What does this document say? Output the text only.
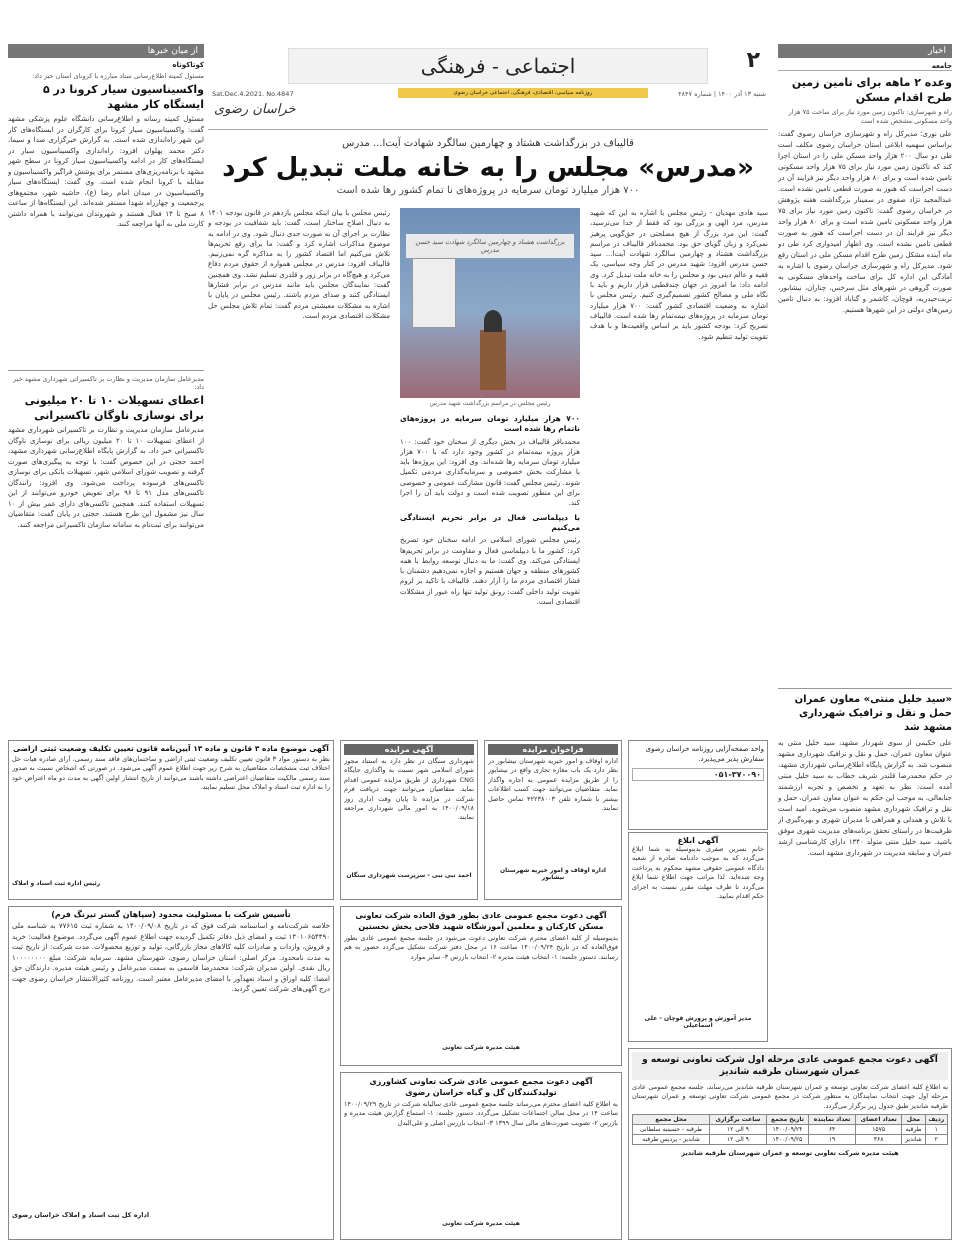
اخبار
جامعه
وعده ۲ ماهه برای تامین زمین طرح اقدام مسکن
راه و شهرسازی: تاکنون زمین مورد نیاز برای ساخت ۷۵ هزار واحد مسکونی مشخص شده است
علی نوری؛ مدیرکل راه و شهرسازی خراسان رضوی گفت: براساس سهمیه ابلاغی استان خراسان رضوی مکلف است طی دو سال ۲۰۰ هزار واحد مسکن ملی را در استان اجرا کند که تاکنون زمین مورد نیاز برای ۷۵ هزار واحد مسکونی تامین شده است و برای ۸۰ هزار واحد دیگر نیز فرایند آن در دست اجراست که هنوز به صورت قطعی تامین نشده است. عبدالمجید نژاد صفوی در سمینار بزرگداشت هفته پژوهش در خراسان رضوی گفت: تاکنون زمین مورد نیاز برای ۷۵ هزار واحد مسکونی تامین شده است و برای ۸۰ هزار واحد دیگر نیز فرایند آن در دست اجراست که هنوز به صورت قطعی تامین نشده است. وی اظهار امیدواری کرد طی دو ماه آینده مشکل زمین طرح اقدام مسکن ملی در استان رفع شود. مدیرکل راه و شهرسازی خراسان رضوی با اشاره به آمادگی این اداره کل برای ساخت واحدهای مسکونی به صورت گروهی در شهرهای مثل سرخس، چناران، نیشابور، تربت‌حیدریه، قوچان، کاشمر و گناباد افزود: به دنبال تامین زمین‌های دولتی در این شهرها هستیم.
«سید خلیل منتی» معاون عمران حمل و نقل و ترافیک شهرداری مشهد شد
علی حکیمی از سوی شهردار مشهد، سید خلیل منتی به عنوان معاون عمران، حمل و نقل و ترافیک شهرداری مشهد منصوب شد. به گزارش پایگاه اطلاع‌رسانی شهرداری مشهد، در حکم محمدرضا قلندر شریف خطاب به سید خلیل منتی آمده است: نظر به تعهد و تخصص و تجربه ارزشمند جنابعالی، به موجب این حکم به عنوان معاون عمران، حمل و نقل و ترافیک شهرداری مشهد منصوب می‌شوید. امید است با تلاش و همدلی و همراهی با مدیران شهری و بهره‌گیری از ظرفیت‌ها در راستای تحقق برنامه‌های مدیریت شهری موفق باشید. سید خلیل منتی متولد ۱۳۴۰ دارای کارشناسی ارشد عمران و سابقه مدیریت در شهرداری مشهد است.
۲
اجتماعی - فرهنگی
شنبه ۱۳ آذر ۱۴۰۰ | شماره ۴۸۴۷
روزنامه سیاسی، اقتصادی، فرهنگی، اجتماعی خراسان رضوی
Sat.Dec.4.2021. No.4847
خراسان رضوی
قالیباف در بزرگداشت هشتاد و چهارمین سالگرد شهادت آیت‌ا... مدرس
«مدرس» مجلس را به خانه ملت تبدیل کرد
۷۰۰ هزار میلیارد تومان سرمایه در پروژه‌های نا تمام کشور رها شده است
سید هادی مهدیان - رئیس مجلس با اشاره به این که شهید مدرس، مرد الهی و بزرگی بود که فقط از خدا می‌ترسید، گفت: این مرد بزرگ از هیچ مصلحتی در حق‌گویی پرهیز نمی‌کرد و زبان گویای حق بود. محمدباقر قالیباف در مراسم بزرگداشت هشتاد و چهارمین سالگرد شهادت آیت‌ا... سید حسن مدرس افزود: شهید مدرس در کنار وجه سیاسی، یک فقیه و عالم دینی بود و مجلس را به خانه ملت تبدیل کرد. وی ادامه داد: ما امروز در جهان چندقطبی قرار داریم و باید با نگاه ملی و مصالح کشور تصمیم‌گیری کنیم. رئیس مجلس با اشاره به وضعیت اقتصادی کشور گفت: ۷۰۰ هزار میلیارد تومان سرمایه در پروژه‌های نیمه‌تمام رها شده است. قالیباف تصریح کرد: بودجه کشور باید بر اساس واقعیت‌ها و با هدف تقویت تولید تنظیم شود.
بزرگداشت هشتاد و چهارمین سالگرد شهادت سید حسن مدرس
رئیس مجلس در مراسم بزرگداشت شهید مدرس
۷۰۰ هزار میلیارد تومان سرمایه در پروژه‌های ناتمام رها شده است
محمدباقر قالیباف در بخش دیگری از سخنان خود گفت: ۱۰۰ هزار پروژه نیمه‌تمام در کشور وجود دارد که با ۷۰۰ هزار میلیارد تومان سرمایه رها شده‌اند. وی افزود: این پروژه‌ها باید با مشارکت بخش خصوصی و سرمایه‌گذاری مردمی تکمیل شوند. رئیس مجلس گفت: قانون مشارکت عمومی و خصوصی برای این منظور تصویب شده است و دولت باید آن را اجرا کند.
با دیپلماسی فعال در برابر تحریم ایستادگی می‌کنیم
رئیس مجلس شورای اسلامی در ادامه سخنان خود تصریح کرد: کشور ما با دیپلماسی فعال و مقاومت در برابر تحریم‌ها ایستادگی می‌کند. وی گفت: ما به دنبال توسعه روابط با همه کشورهای منطقه و جهان هستیم و اجازه نمی‌دهیم دشمنان با فشار اقتصادی مردم ما را آزار دهند. قالیباف با تاکید بر لزوم تقویت تولید داخلی گفت: رونق تولید تنها راه عبور از مشکلات اقتصادی است.
رئیس مجلس با بیان اینکه مجلس یازدهم در قانون بودجه ۱۴۰۱ به دنبال اصلاح ساختار است، گفت: باید شفافیت در بودجه و نظارت بر اجرای آن به صورت جدی دنبال شود. وی در ادامه به موضوع مذاکرات اشاره کرد و گفت: ما برای رفع تحریم‌ها تلاش می‌کنیم اما اقتصاد کشور را به مذاکره گره نمی‌زنیم. قالیباف افزود: مدرس در مجلس همواره از حقوق مردم دفاع می‌کرد و هیچ‌گاه در برابر زور و قلدری تسلیم نشد. وی همچنین گفت: نمایندگان مجلس باید مانند مدرس در برابر فشارها ایستادگی کنند و صدای مردم باشند. رئیس مجلس در پایان با اشاره به مشکلات معیشتی مردم گفت: تمام تلاش مجلس حل مشکلات اقتصادی مردم است.
از میان خبرها
کوتاکوتاه
مسئول کمیته اطلاع‌رسانی ستاد مبارزه با کرونای استان خبر داد:
واکسیناسیون سیار کرونا در ۵ ایستگاه کار مشهد
مسئول کمیته رسانه و اطلاع‌رسانی دانشگاه علوم پزشکی مشهد گفت: واکسیناسیون سیار کرونا برای کارگران در ایستگاه‌های کار این شهر راه‌اندازی شده است. به گزارش خبرگزاری صدا و سیما، دکتر محمد پهلوان افزود: راه‌اندازی واکسیناسیون سیار در ایستگاه‌های کار در ادامه واکسیناسیون سیار کرونا در سطح شهر مشهد با برنامه‌ریزی‌های مستمر برای پوشش فراگیر واکسیناسیون و مقابله با کرونا انجام شده است. وی گفت: ایستگاه‌های سیار واکسیناسیون در میدان امام رضا (ع)، حاشیه شهر، مجتمع‌های پرجمعیت و چهارراه شهدا مستقر شده‌اند. این ایستگاه‌ها از ساعت ۸ صبح تا ۱۴ فعال هستند و شهروندان می‌توانند با همراه داشتن کارت ملی به آنها مراجعه کنند.
مدیرعامل سازمان مدیریت و نظارت بر تاکسیرانی شهرداری مشهد خبر داد:
اعطای تسهیلات ۱۰ تا ۲۰ میلیونی برای نوسازی ناوگان تاکسیرانی
مدیرعامل سازمان مدیریت و نظارت بر تاکسیرانی شهرداری مشهد از اعطای تسهیلات ۱۰ تا ۲۰ میلیون ریالی برای نوسازی ناوگان تاکسیرانی خبر داد. به گزارش پایگاه اطلاع‌رسانی شهرداری مشهد، احمد حجتی در این خصوص گفت: با توجه به پیگیری‌های صورت گرفته و تصویب شورای اسلامی شهر، تسهیلات بانکی برای نوسازی تاکسی‌های فرسوده پرداخت می‌شود. وی افزود: رانندگان تاکسی‌های مدل ۹۱ تا ۹۶ برای تعویض خودرو می‌توانند از این تسهیلات استفاده کنند. همچنین تاکسی‌های دارای عمر بیش از ۱۰ سال نیز مشمول این طرح هستند. حجتی در پایان گفت: متقاضیان می‌توانند برای ثبت‌نام به سامانه سازمان تاکسیرانی مراجعه کنند.
واحد صفحه‌آرایی روزنامه خراسان رضوی سفارش پذیر می‌پذیرد.
۰۵۱-۳۷۰۰۹۰
آگهی ابلاغ
خانم نسرین صفری بدینوسیله به شما ابلاغ می‌گردد که به موجب دادنامه صادره از شعبه دادگاه عمومی حقوقی مشهد محکوم به پرداخت وجه شده‌اید. لذا مراتب جهت اطلاع شما ابلاغ می‌گردد تا ظرف مهلت مقرر نسبت به اجرای حکم اقدام نمایید.
مدیر آموزش و پرورش قوچان - علی اسماعیلی
فراخوان مزایده
اداره اوقاف و امور خیریه شهرستان نیشابور در نظر دارد یک باب مغازه تجاری واقع در نیشابور را از طریق مزایده عمومی به اجاره واگذار نماید. متقاضیان می‌توانند جهت کسب اطلاعات بیشتر با شماره تلفن ۴۲۲۳۸۰۰۳ تماس حاصل نمایند.
اداره اوقاف و امور خیریه شهرستان نیشابور
آگهی مزایده
شهرداری سنگان در نظر دارد به استناد مجوز شورای اسلامی شهر نسبت به واگذاری جایگاه CNG شهرداری از طریق مزایده عمومی اقدام نماید. متقاضیان می‌توانند جهت دریافت فرم شرکت در مزایده تا پایان وقت اداری روز ۱۴۰۰/۰۹/۱۸ به امور مالی شهرداری مراجعه نمایند.
احمد نبی نبی - سرپرست شهرداری سنگان
آگهی موضوع ماده ۳ قانون و ماده ۱۳ آیین‌نامه قانون تعیین تکلیف وضعیت ثبتی اراضی
نظر به دستور مواد ۳ قانون تعیین تکلیف وضعیت ثبتی اراضی و ساختمان‌های فاقد سند رسمی، آرای صادره هیات حل اختلاف ثبت مشخصات متقاضیان به شرح زیر جهت اطلاع عموم آگهی می‌شود. در صورتی که اشخاص نسبت به صدور سند رسمی مالکیت متقاضیان اعتراضی داشته باشند می‌توانند از تاریخ انتشار اولین آگهی به مدت دو ماه اعتراض خود را به اداره ثبت اسناد و املاک محل تسلیم نمایند.
رئیس اداره ثبت اسناد و املاک
آگهی دعوت مجمع عمومی عادی مرحله اول شرکت تعاونی توسعه و عمران شهرستان طرقبه شاندیز
به اطلاع کلیه اعضای شرکت تعاونی توسعه و عمران شهرستان طرقبه شاندیز می‌رساند، جلسه مجمع عمومی عادی مرحله اول جهت انتخاب نمایندگان به منظور شرکت در مجمع عمومی شرکت تعاونی توسعه و عمران شهرستان طرقبه شاندیز طبق جدول زیر برگزار می‌گردد.
ردیف	محل	تعداد اعضای	تعداد نماینده	تاریخ مجمع	ساعت برگزاری	محل مجمع
۱	طرقبه	۱۵۷۵	۶۴	۱۴۰۰/۰۹/۲۴	۹ الی ۱۲	طرقبه - حسینیه سلطانی
۲	شاندیز	۴۶۸	۱۹	۱۴۰۰/۰۹/۲۵	۹ الی ۱۲	شاندیز - پردیس طرقبه
هیئت مدیره شرکت تعاونی توسعه و عمران شهرستان طرقبه شاندیز
آگهی دعوت مجمع عمومی عادی بطور فوق العاده شرکت تعاونی مسکن کارکنان و معلمین آموزشگاه شهید فلاحی بخش نخستین
بدینوسیله از کلیه اعضای محترم شرکت تعاونی دعوت می‌شود در جلسه مجمع عمومی عادی بطور فوق‌العاده که در تاریخ ۱۴۰۰/۰۹/۲۴ ساعت ۱۶ در محل دفتر شرکت تشکیل می‌گردد حضور به هم رسانند. دستور جلسه: ۱- انتخاب هیئت مدیره ۲- انتخاب بازرس ۳- سایر موارد
هیئت مدیره شرکت تعاونی
آگهی دعوت مجمع عمومی عادی شرکت تعاونی کشاورزی تولیدکنندگان گل و گیاه خراسان رضوی
به اطلاع کلیه اعضای محترم می‌رساند جلسه مجمع عمومی عادی سالیانه شرکت در تاریخ ۱۴۰۰/۰۹/۲۹ ساعت ۱۴ در محل سالن اجتماعات تشکیل می‌گردد. دستور جلسه: ۱- استماع گزارش هیئت مدیره و بازرس ۲- تصویب صورت‌های مالی سال ۱۳۹۹ ۳- انتخاب بازرس اصلی و علی‌البدل
هیئت مدیره شرکت تعاونی
تأسیس شرکت با مسئولیت محدود (سپاهان گستر تیرنگ فرم)
خلاصه شرکت‌نامه و اساسنامه شرکت فوق که در تاریخ ۱۴۰۰/۰۹/۰۸ به شماره ثبت ۷۷۶۱۵ به شناسه ملی ۱۴۰۱۰۶۵۴۴۹۰ ثبت و امضای ذیل دفاتر تکمیل گردیده جهت اطلاع عموم آگهی می‌گردد. موضوع فعالیت: خرید و فروش، واردات و صادرات کلیه کالاهای مجاز بازرگانی، تولید و توزیع محصولات. مدت شرکت: از تاریخ ثبت به مدت نامحدود. مرکز اصلی: استان خراسان رضوی، شهرستان مشهد. سرمایه شرکت: مبلغ ۱۰۰۰۰۰۰۰۰ ریال نقدی. اولین مدیران شرکت: محمدرضا قاسمی به سمت مدیرعامل و رئیس هیئت مدیره. دارندگان حق امضا: کلیه اوراق و اسناد تعهدآور با امضای مدیرعامل معتبر است. روزنامه کثیرالانتشار خراسان رضوی جهت درج آگهی‌های شرکت تعیین گردید.
اداره کل ثبت اسناد و املاک خراسان رضوی
